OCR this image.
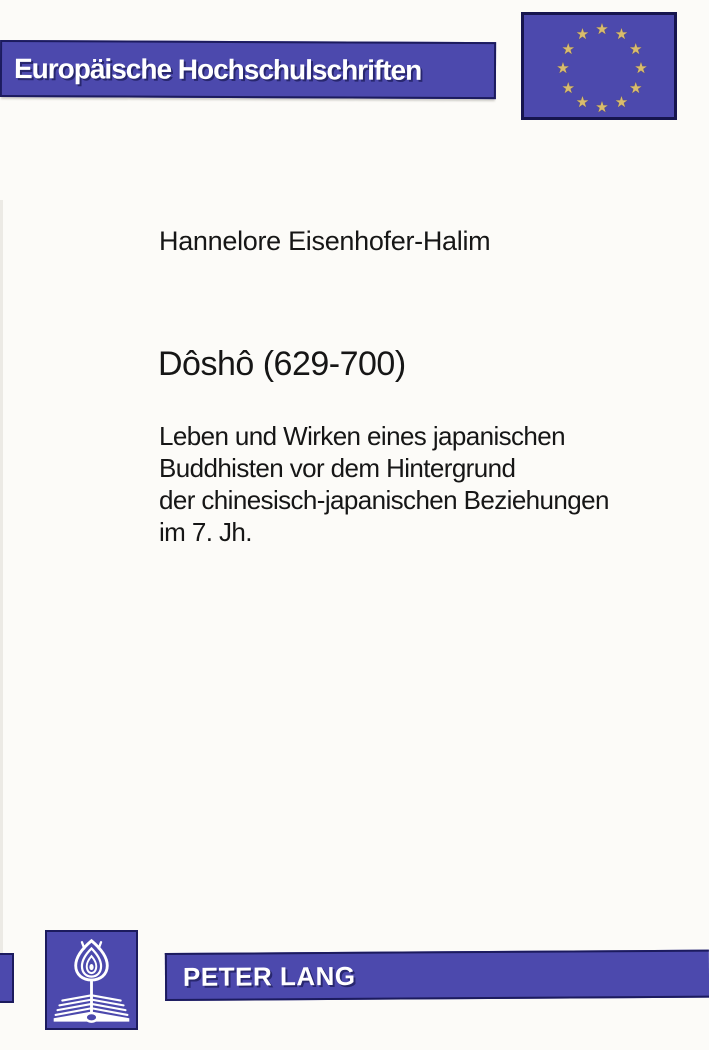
Europäische Hochschulschriften
★ ★
★
★
★
★
★
★
★
★
★
★
Hannelore Eisenhofer-Halim
Dôshô (629-700)
Leben und Wirken eines japanischen
Buddhisten vor dem Hintergrund
der chinesisch-japanischen Beziehungen
im 7. Jh.
PETER LANG
